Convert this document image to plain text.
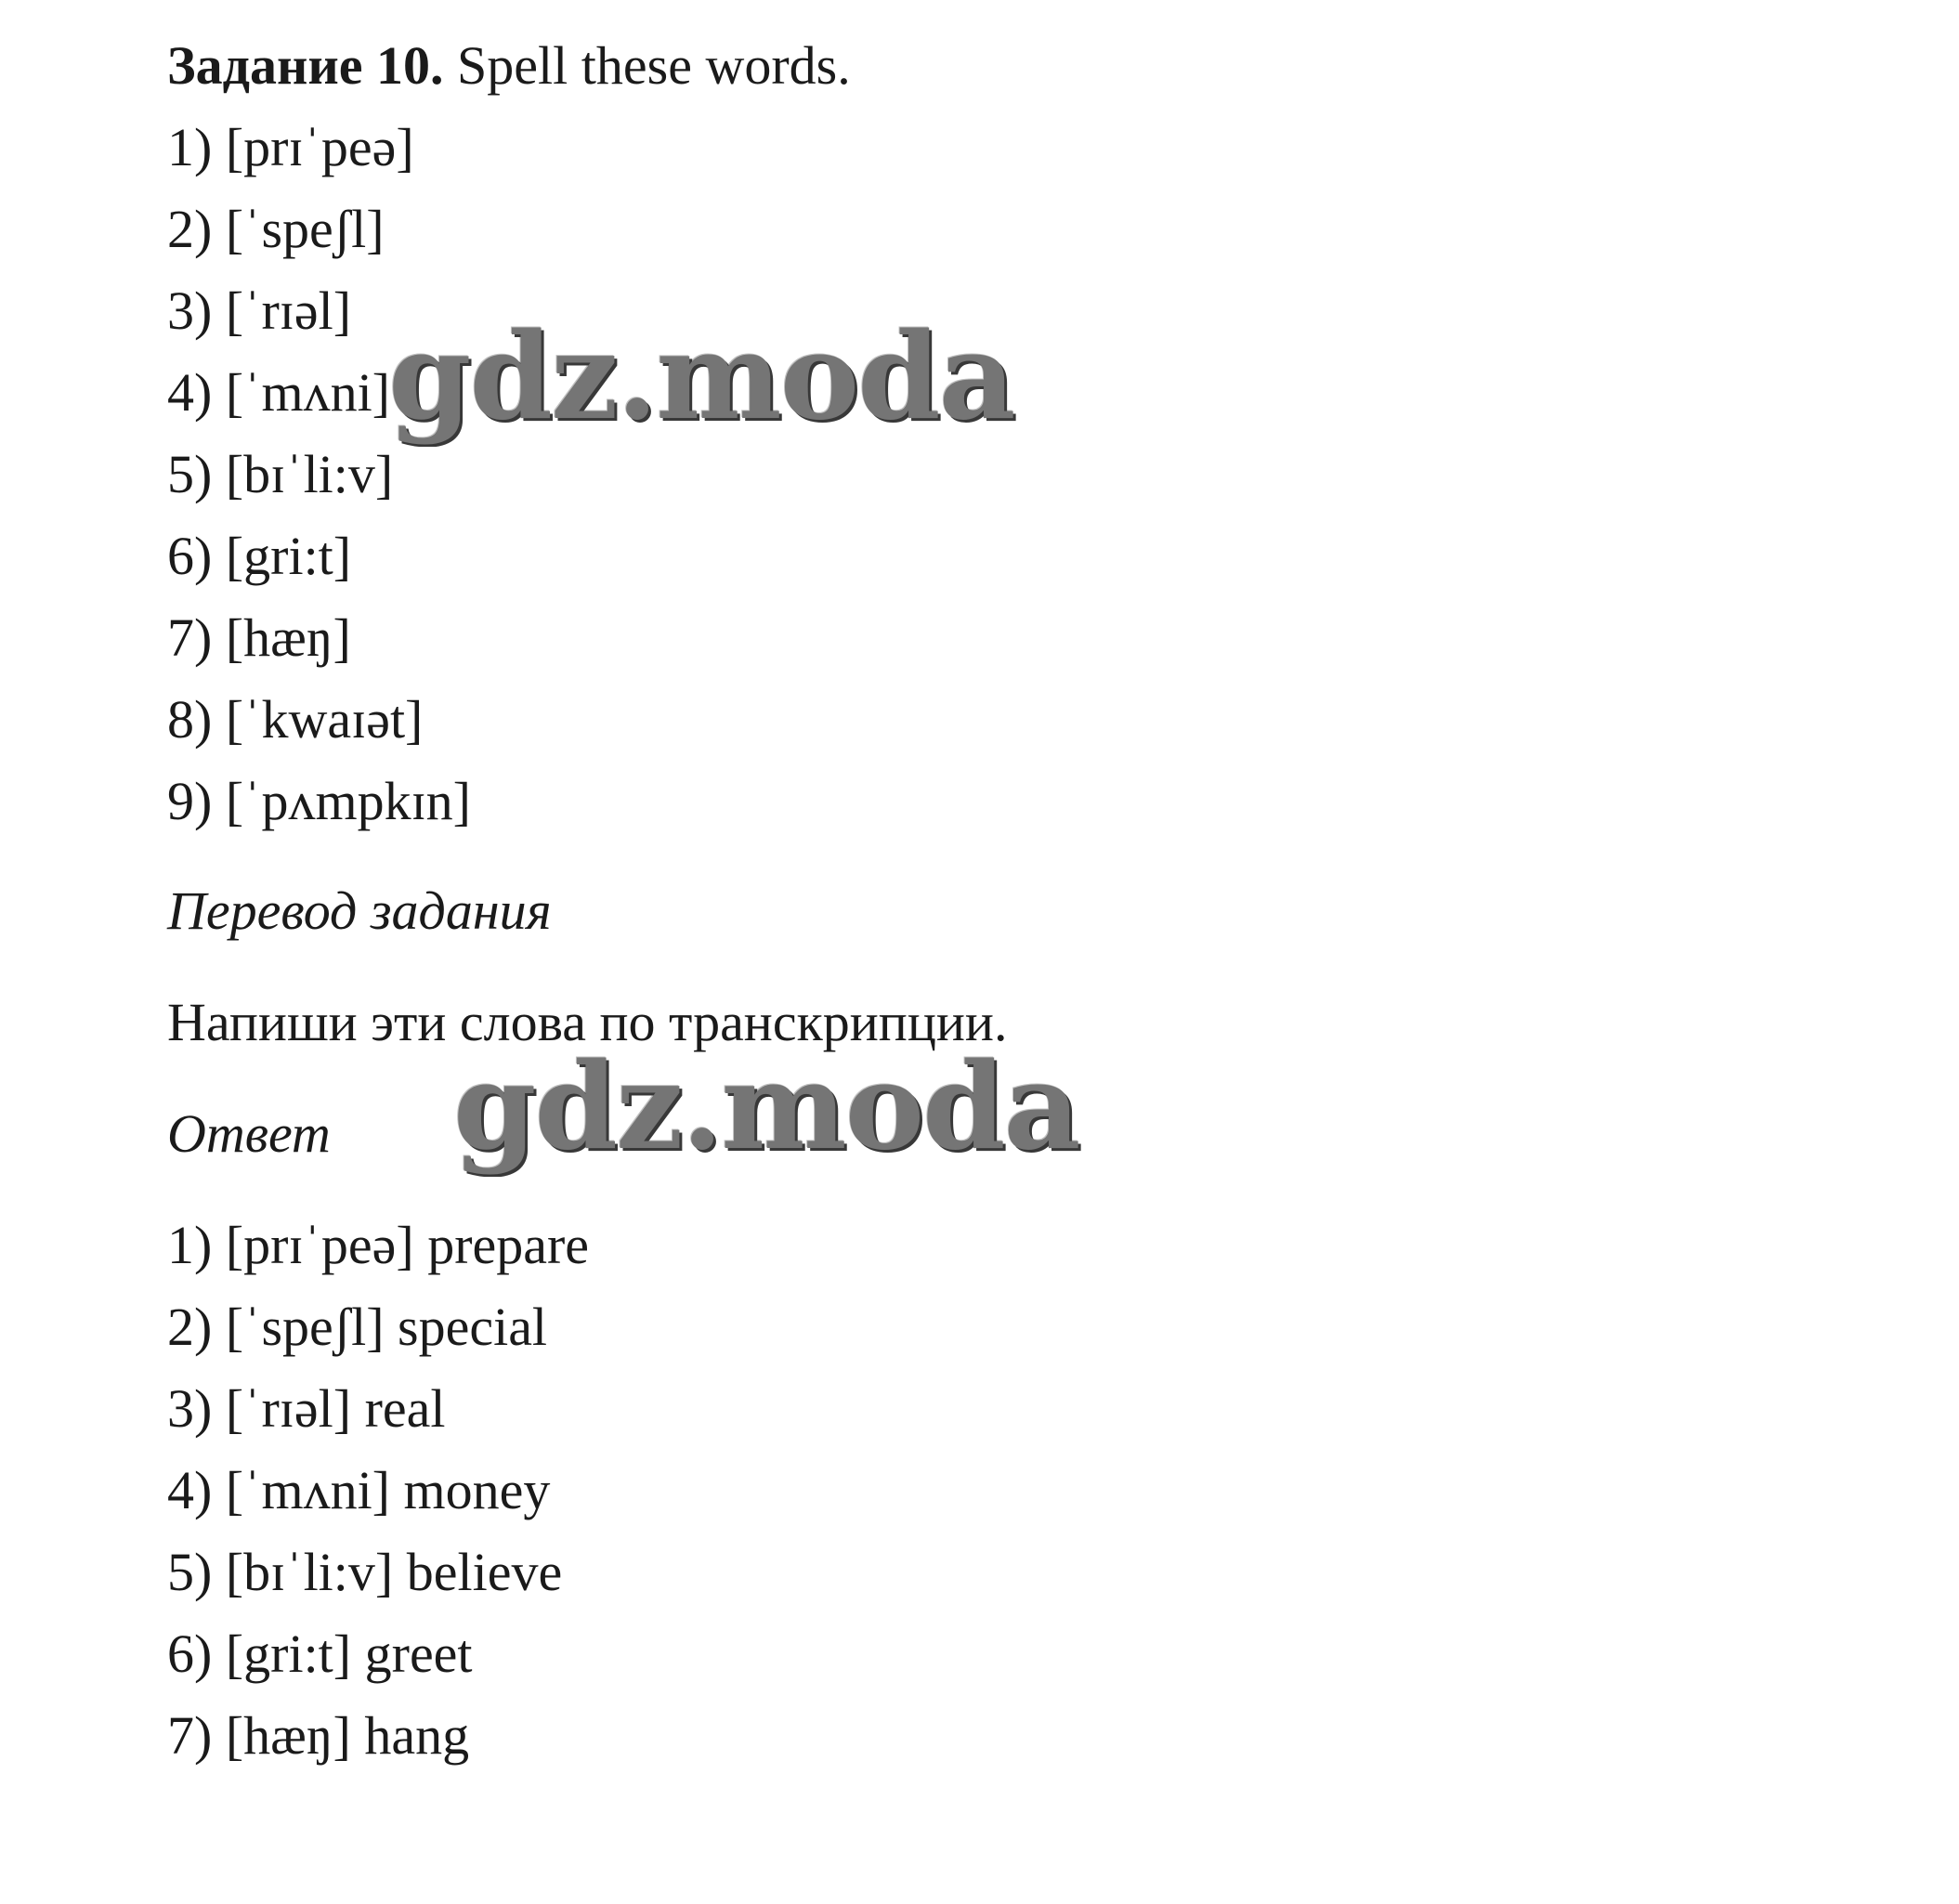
Задание 10. Spell these words.
1) [prɪˈpeə]
2) [ˈspeʃl]
3) [ˈrɪəl]
4) [ˈmʌni]
5) [bɪˈli:v]
6) [gri:t]
7) [hæŋ]
8) [ˈkwaɪət]
9) [ˈpʌmpkɪn]
Перевод задания
Напиши эти слова по транскрипции.
Ответ
1) [prɪˈpeə] prepare
2) [ˈspeʃl] special
3) [ˈrɪəl] real
4) [ˈmʌni] money
5) [bɪˈli:v] believe
6) [gri:t] greet
7) [hæŋ] hang
gdz.moda
gdz.moda
